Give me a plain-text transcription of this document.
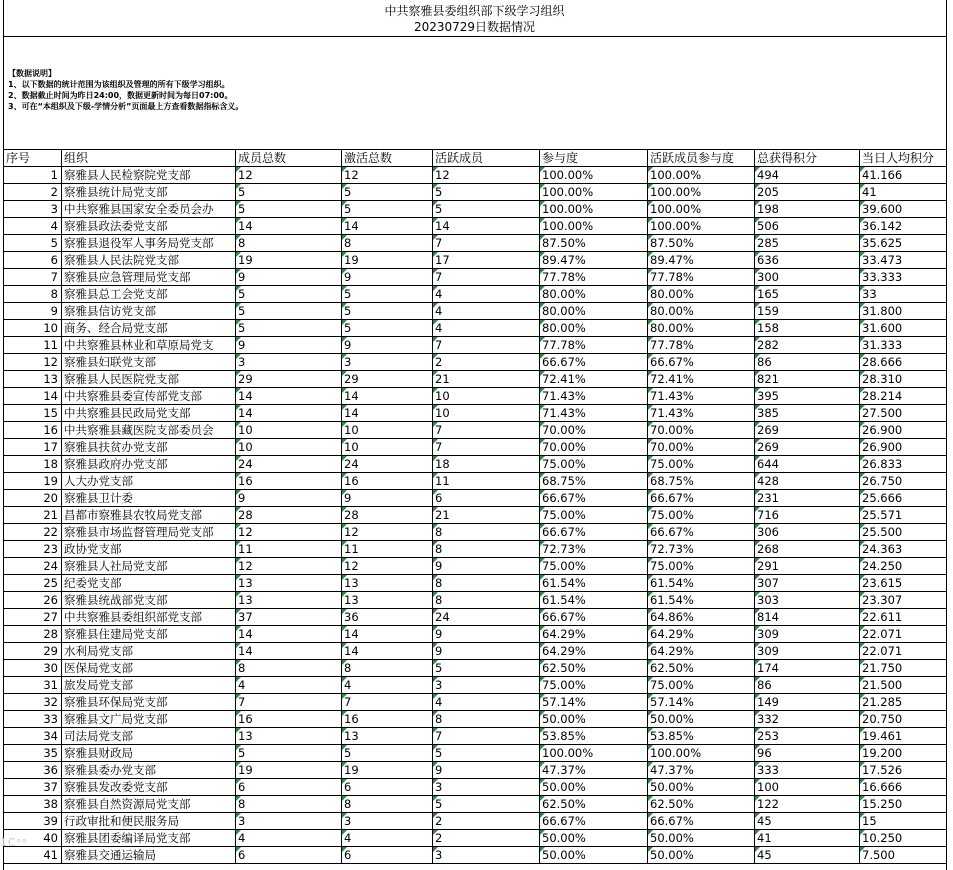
中共察雅县委组织部下级学习组织
20230729日数据情况
【数据说明】
1、以下数据的统计范围为该组织及管理的所有下级学习组织。
2、数据截止时间为昨日24:00，数据更新时间为每日07:00。
3、可在“本组织及下级-学情分析”页面最上方查看数据指标含义。
序号	组织	成员总数	激活总数	活跃成员	参与度	活跃成员参与度	总获得积分	当日人均积分
1	察雅县人民检察院党支部	12	12	12	100.00%	100.00%	494	41.166
2	察雅县统计局党支部	5	5	5	100.00%	100.00%	205	41
3	中共察雅县国家安全委员会办	5	5	5	100.00%	100.00%	198	39.600
4	察雅县政法委党支部	14	14	14	100.00%	100.00%	506	36.142
5	察雅县退役军人事务局党支部	8	8	7	87.50%	87.50%	285	35.625
6	察雅县人民法院党支部	19	19	17	89.47%	89.47%	636	33.473
7	察雅县应急管理局党支部	9	9	7	77.78%	77.78%	300	33.333
8	察雅县总工会党支部	5	5	4	80.00%	80.00%	165	33
9	察雅县信访党支部	5	5	4	80.00%	80.00%	159	31.800
10	商务、经合局党支部	5	5	4	80.00%	80.00%	158	31.600
11	中共察雅县林业和草原局党支	9	9	7	77.78%	77.78%	282	31.333
12	察雅县妇联党支部	3	3	2	66.67%	66.67%	86	28.666
13	察雅县人民医院党支部	29	29	21	72.41%	72.41%	821	28.310
14	中共察雅县委宣传部党支部	14	14	10	71.43%	71.43%	395	28.214
15	中共察雅县民政局党支部	14	14	10	71.43%	71.43%	385	27.500
16	中共察雅县藏医院支部委员会	10	10	7	70.00%	70.00%	269	26.900
17	察雅县扶贫办党支部	10	10	7	70.00%	70.00%	269	26.900
18	察雅县政府办党支部	24	24	18	75.00%	75.00%	644	26.833
19	人大办党支部	16	16	11	68.75%	68.75%	428	26.750
20	察雅县卫计委	9	9	6	66.67%	66.67%	231	25.666
21	昌都市察雅县农牧局党支部	28	28	21	75.00%	75.00%	716	25.571
22	察雅县市场监督管理局党支部	12	12	8	66.67%	66.67%	306	25.500
23	政协党支部	11	11	8	72.73%	72.73%	268	24.363
24	察雅县人社局党支部	12	12	9	75.00%	75.00%	291	24.250
25	纪委党支部	13	13	8	61.54%	61.54%	307	23.615
26	察雅县统战部党支部	13	13	8	61.54%	61.54%	303	23.307
27	中共察雅县委组织部党支部	37	36	24	66.67%	64.86%	814	22.611
28	察雅县住建局党支部	14	14	9	64.29%	64.29%	309	22.071
29	水利局党支部	14	14	9	64.29%	64.29%	309	22.071
30	医保局党支部	8	8	5	62.50%	62.50%	174	21.750
31	旅发局党支部	4	4	3	75.00%	75.00%	86	21.500
32	察雅县环保局党支部	7	7	4	57.14%	57.14%	149	21.285
33	察雅县文广局党支部	16	16	8	50.00%	50.00%	332	20.750
34	司法局党支部	13	13	7	53.85%	53.85%	253	19.461
35	察雅县财政局	5	5	5	100.00%	100.00%	96	19.200
36	察雅县委办党支部	19	19	9	47.37%	47.37%	333	17.526
37	察雅县发改委党支部	6	6	3	50.00%	50.00%	100	16.666
38	察雅县自然资源局党支部	8	8	5	62.50%	62.50%	122	15.250
39	行政审批和便民服务局	3	3	2	66.67%	66.67%	45	15
40	察雅县团委编译局党支部	4	4	2	50.00%	50.00%	41	10.250
41	察雅县交通运输局	6	6	3	50.00%	50.00%	45	7.500
1Cᵒᵒ
